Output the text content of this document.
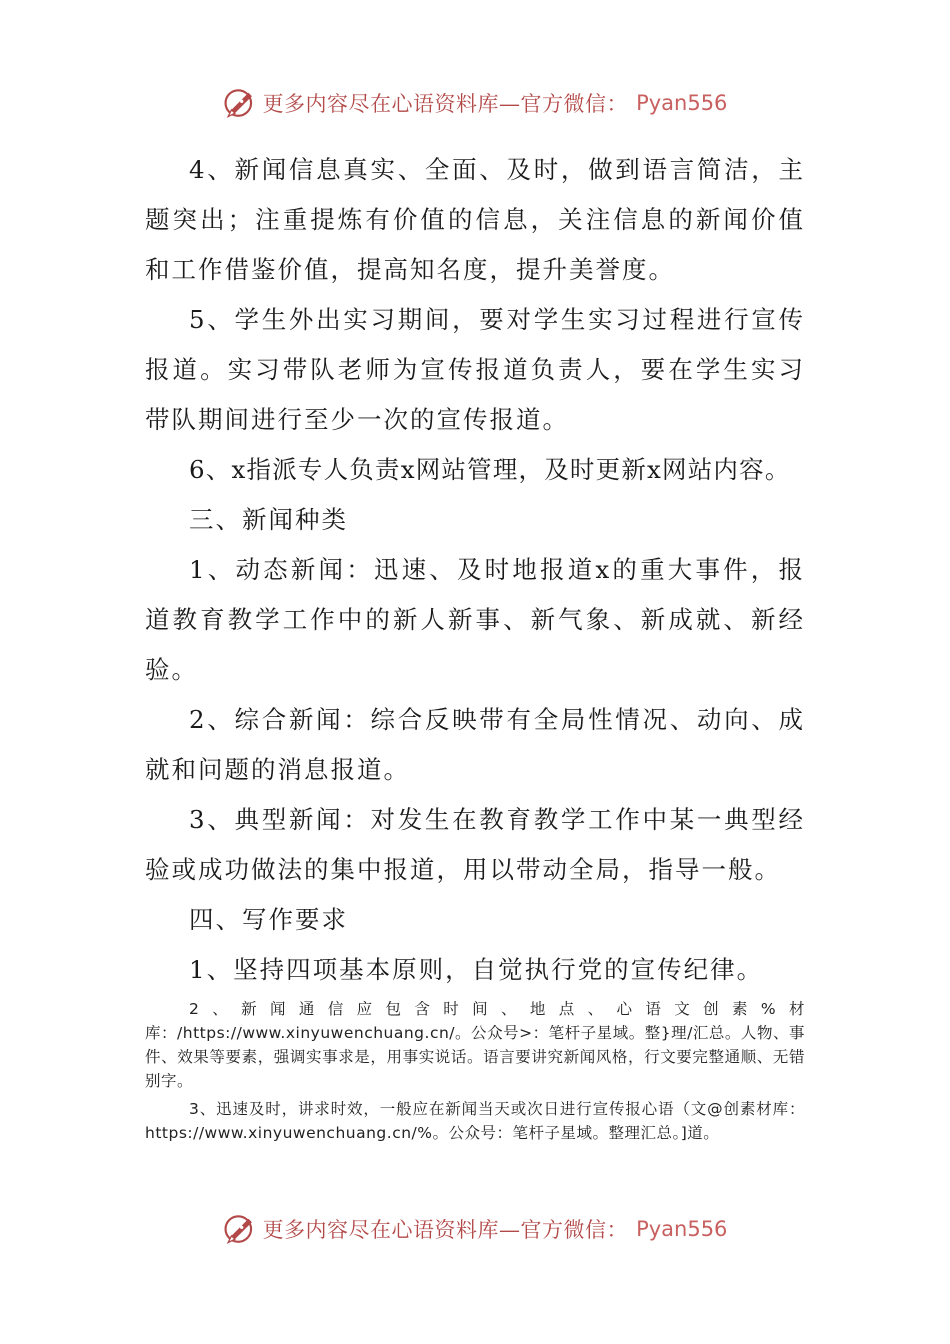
更多内容尽在心语资料库—官方微信： Pyan556

4、新闻信息真实、全面、及时，做到语言简洁，主题突出；注重提炼有价值的信息，关注信息的新闻价值和工作借鉴价值，提高知名度，提升美誉度。

5、学生外出实习期间，要对学生实习过程进行宣传报道。实习带队老师为宣传报道负责人，要在学生实习带队期间进行至少一次的宣传报道。

6、x指派专人负责x网站管理，及时更新x网站内容。

三、新闻种类

1、动态新闻：迅速、及时地报道x的重大事件，报道教育教学工作中的新人新事、新气象、新成就、新经验。

2、综合新闻：综合反映带有全局性情况、动向、成就和问题的消息报道。

3、典型新闻：对发生在教育教学工作中某一典型经验或成功做法的集中报道，用以带动全局，指导一般。

四、写作要求

1、坚持四项基本原则，自觉执行党的宣传纪律。

2、新闻通信应包含时间、地点、心语文创素%材库：/https://www.xinyuwenchuang.cn/。公众号>：笔杆子星域。整}理/汇总。人物、事件、效果等要素，强调实事求是，用事实说话。语言要讲究新闻风格，行文要完整通顺、无错别字。

3、迅速及时，讲求时效，一般应在新闻当天或次日进行宣传报心语（文@创素材库：https://www.xinyuwenchuang.cn/%。公众号：笔杆子星域。整理汇总。]道。

更多内容尽在心语资料库—官方微信： Pyan556
